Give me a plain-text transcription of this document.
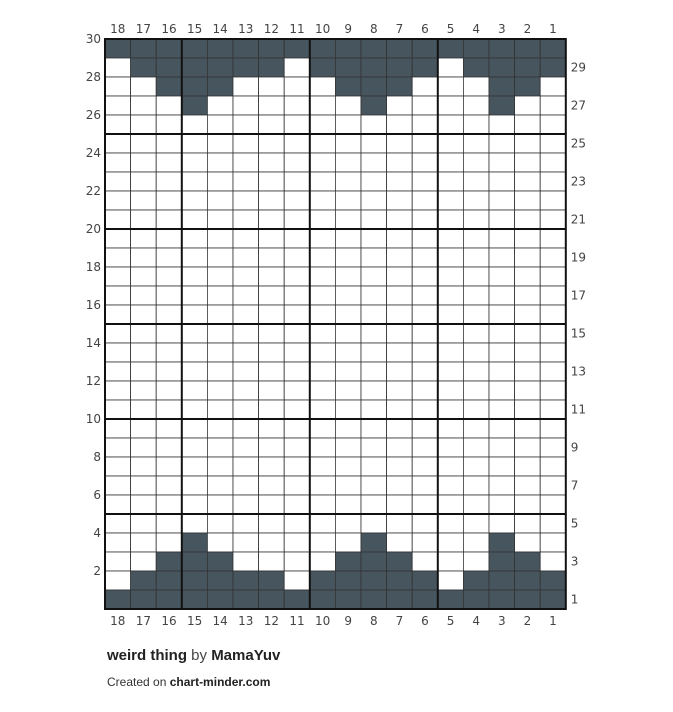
18 17 16 15 14 13 12 11 10 9 8 7 6 5 4 3 2 1
18 17 16 15 14 13 12 11 10 9 8 7 6 5 4 3 2 1
30
28
26
24
22
20
18
16
14
12
10
8
6
4
2
29
27
25
23
21
19
17
15
13
11
9
7
5
3
1
weird thing by MamaYuv
Created on chart-minder.com
